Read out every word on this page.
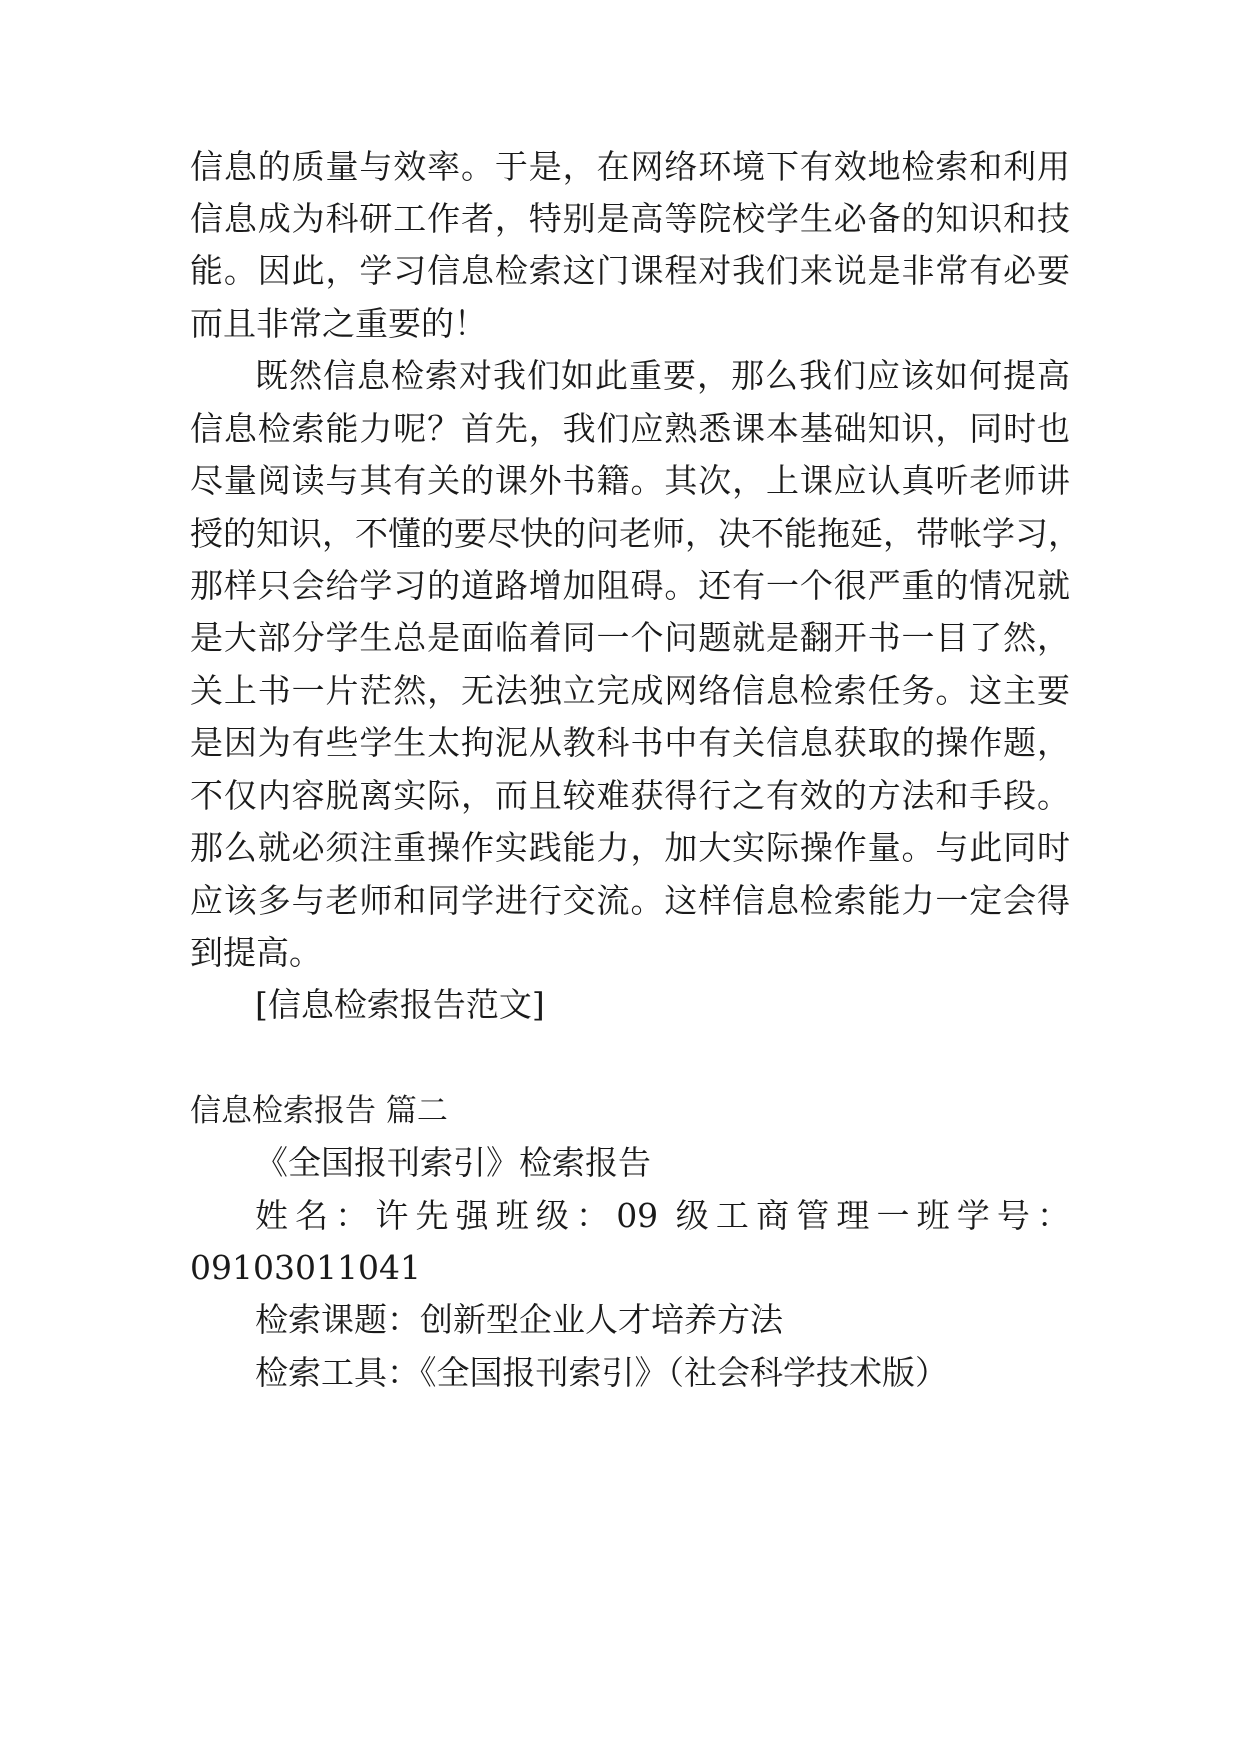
信息的质量与效率。于是，在网络环境下有效地检索和利用
信息成为科研工作者，特别是高等院校学生必备的知识和技
能。因此，学习信息检索这门课程对我们来说是非常有必要
而且非常之重要的！
既然信息检索对我们如此重要，那么我们应该如何提高
信息检索能力呢？首先，我们应熟悉课本基础知识，同时也
尽量阅读与其有关的课外书籍。其次，上课应认真听老师讲
授的知识，不懂的要尽快的问老师，决不能拖延，带帐学习，
那样只会给学习的道路增加阻碍。还有一个很严重的情况就
是大部分学生总是面临着同一个问题就是翻开书一目了然，
关上书一片茫然，无法独立完成网络信息检索任务。这主要
是因为有些学生太拘泥从教科书中有关信息获取的操作题，
不仅内容脱离实际，而且较难获得行之有效的方法和手段。
那么就必须注重操作实践能力，加大实际操作量。与此同时
应该多与老师和同学进行交流。这样信息检索能力一定会得
到提高。
[信息检索报告范文]
信息检索报告 篇二
《全国报刊索引》检索报告
姓名：许先强班级：09 级工商管理一班学号：
09103011041
检索课题：创新型企业人才培养方法
检索工具：《全国报刊索引》（社会科学技术版）
